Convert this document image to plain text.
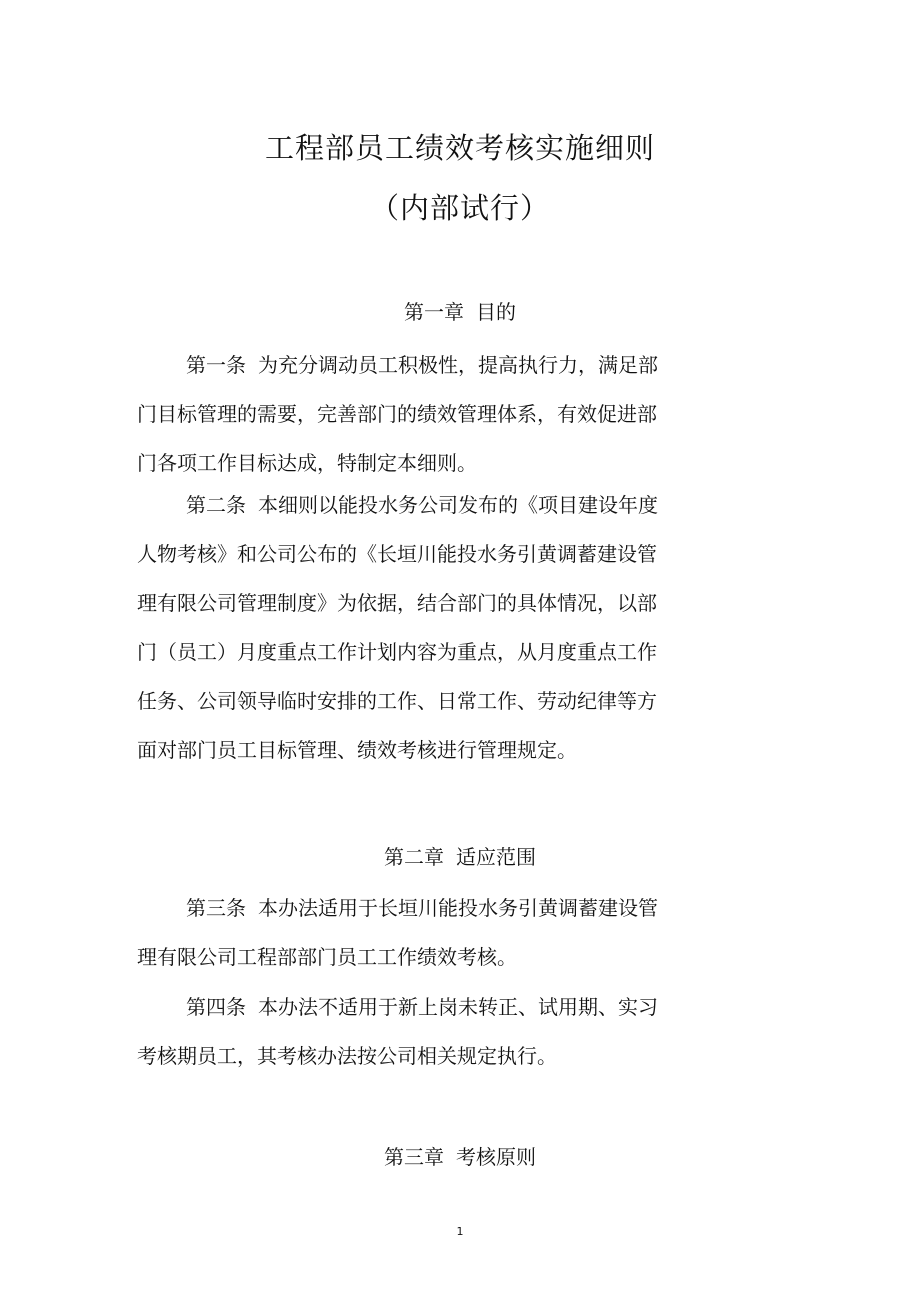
工程部员工绩效考核实施细则
（内部试行）
第一章 目的
第一条 为充分调动员工积极性，提高执行力，满足部
门目标管理的需要，完善部门的绩效管理体系，有效促进部
门各项工作目标达成，特制定本细则。
第二条 本细则以能投水务公司发布的《项目建设年度
人物考核》和公司公布的《长垣川能投水务引黄调蓄建设管
理有限公司管理制度》为依据，结合部门的具体情况，以部
门（员工）月度重点工作计划内容为重点，从月度重点工作
任务、公司领导临时安排的工作、日常工作、劳动纪律等方
面对部门员工目标管理、绩效考核进行管理规定。
第二章 适应范围
第三条 本办法适用于长垣川能投水务引黄调蓄建设管
理有限公司工程部部门员工工作绩效考核。
第四条 本办法不适用于新上岗未转正、试用期、实习
考核期员工，其考核办法按公司相关规定执行。
第三章 考核原则
1
